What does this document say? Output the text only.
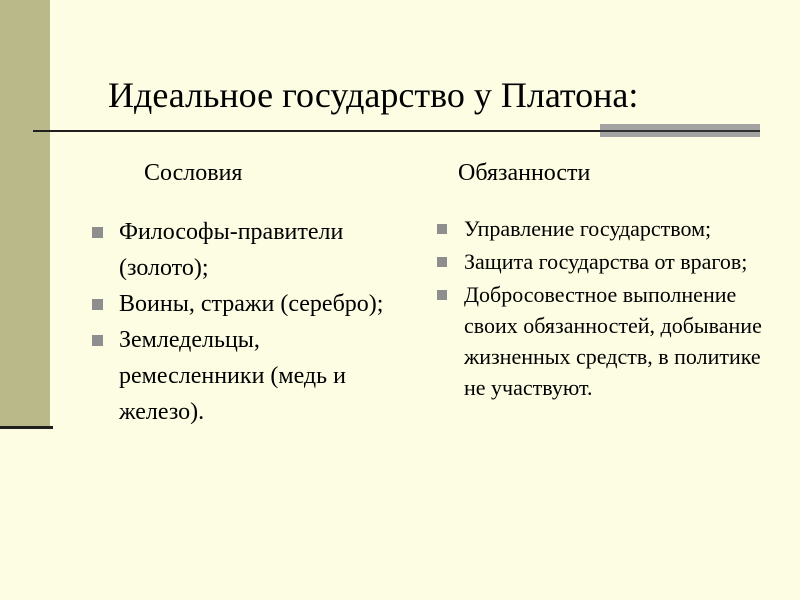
Идеальное государство у Платона:
Сословия	Обязанности
Философы-правители (золото);
Воины, стражи (серебро);
Земледельцы, ремесленники (медь и железо).
Управление государством;
Защита государства от врагов;
Добросовестное выполнение своих обязанностей, добывание жизненных средств, в политике не участвуют.
